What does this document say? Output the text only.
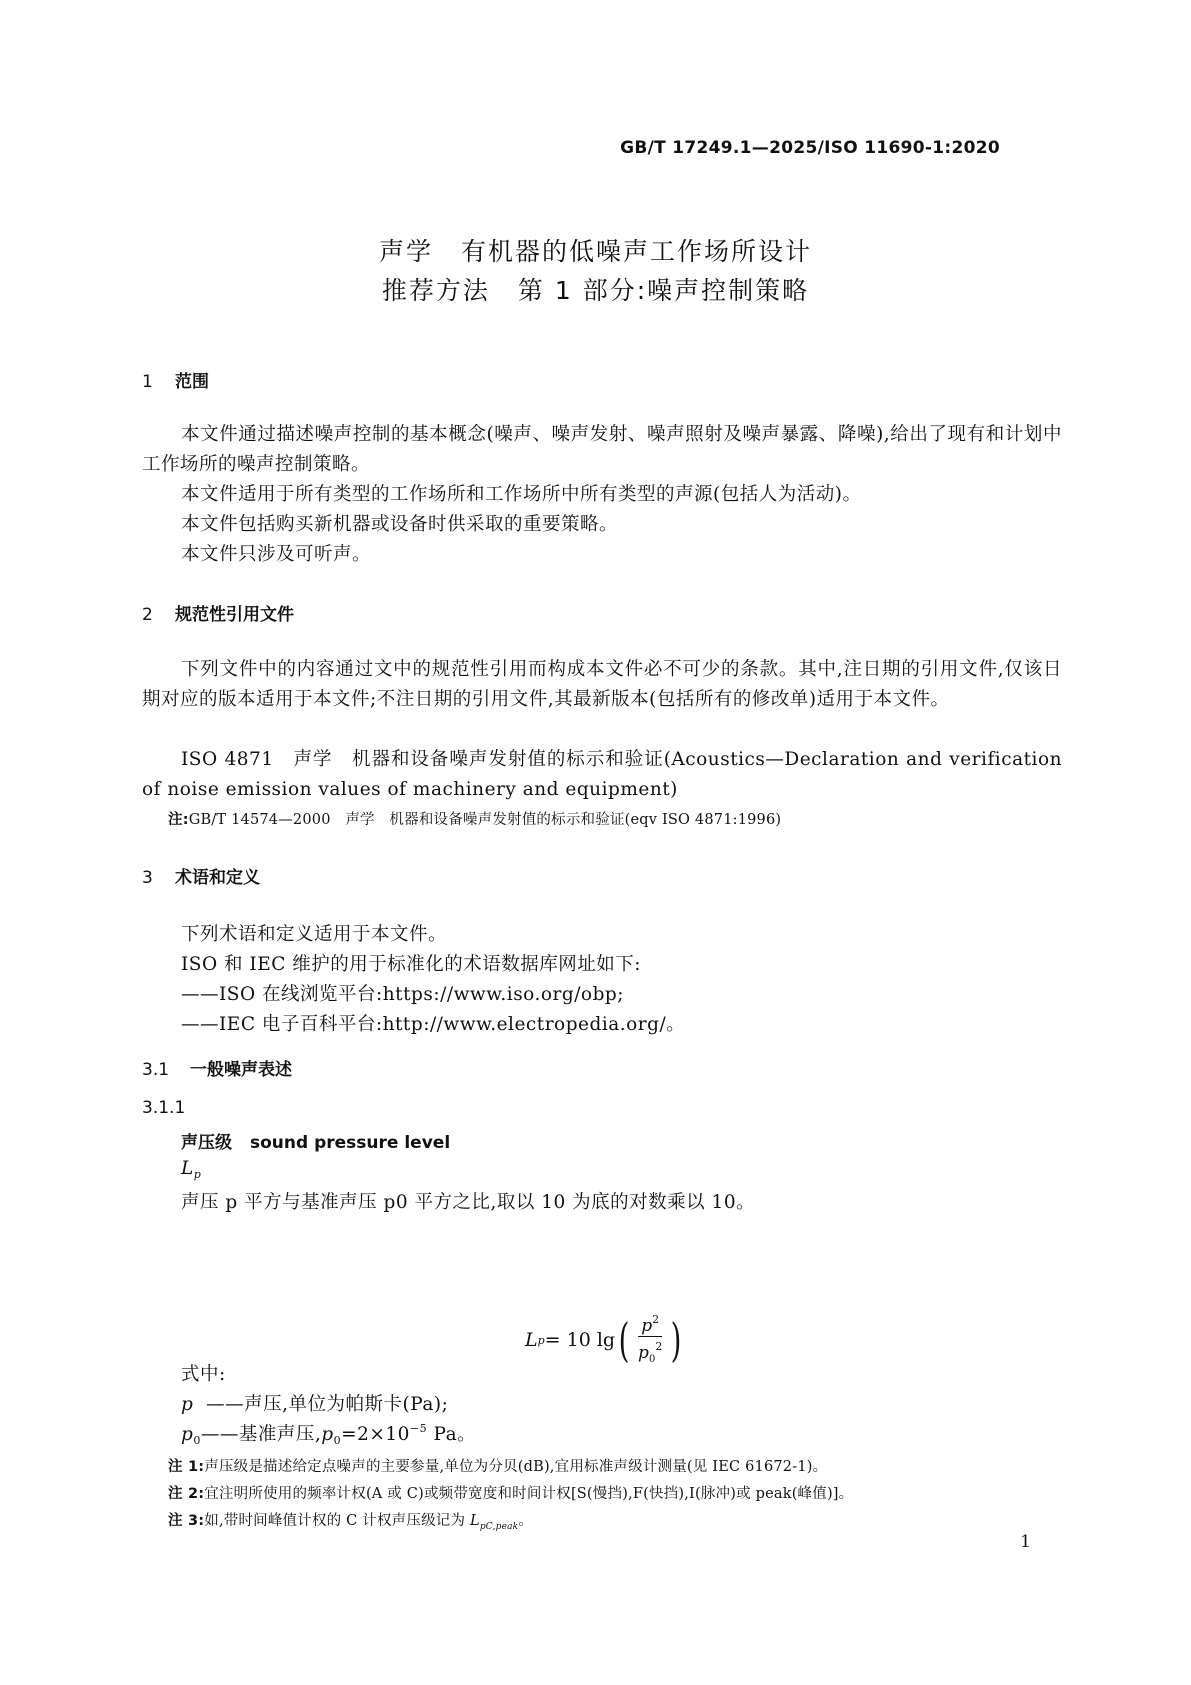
GB/T 17249.1—2025/ISO 11690-1:2020
声学 有机器的低噪声工作场所设计
推荐方法 第 1 部分:噪声控制策略
1 范围
本文件通过描述噪声控制的基本概念(噪声、噪声发射、噪声照射及噪声暴露、降噪),给出了现有和计划中工作场所的噪声控制策略。
本文件适用于所有类型的工作场所和工作场所中所有类型的声源(包括人为活动)。
本文件包括购买新机器或设备时供采取的重要策略。
本文件只涉及可听声。
2 规范性引用文件
下列文件中的内容通过文中的规范性引用而构成本文件必不可少的条款。其中,注日期的引用文件,仅该日期对应的版本适用于本文件;不注日期的引用文件,其最新版本(包括所有的修改单)适用于本文件。
ISO 4871　声学　机器和设备噪声发射值的标示和验证(Acoustics—Declaration and verification of noise emission values of machinery and equipment)
注:GB/T 14574—2000　声学　机器和设备噪声发射值的标示和验证(eqv ISO 4871:1996)
3 术语和定义
下列术语和定义适用于本文件。
ISO 和 IEC 维护的用于标准化的术语数据库网址如下:
——ISO 在线浏览平台:https://www.iso.org/obp;
——IEC 电子百科平台:http://www.electropedia.org/。
3.1 一般噪声表述
3.1.1
声压级 sound pressure level
$L_p$
声压 p 平方与基准声压 p0 平方之比,取以 10 为底的对数乘以 10。
L p = 10 lg ( $\frac{p^2}{p_0^2}$ )
式中:
p ——声压,单位为帕斯卡(Pa);
$p_0——$基准声压$,p_0=2\times 10^{-5}$ Pa。
注 1:声压级是描述给定点噪声的主要参量,单位为分贝(dB),宜用标准声级计测量(见 IEC 61672-1)。
注 2:宜注明所使用的频率计权(A 或 C)或频带宽度和时间计权[S(慢挡),F(快挡),I(脉冲)或 peak(峰值)]。
注 3:如,带时间峰值计权的 C 计权声压级记为 $L_{pC,peak}$。
1
